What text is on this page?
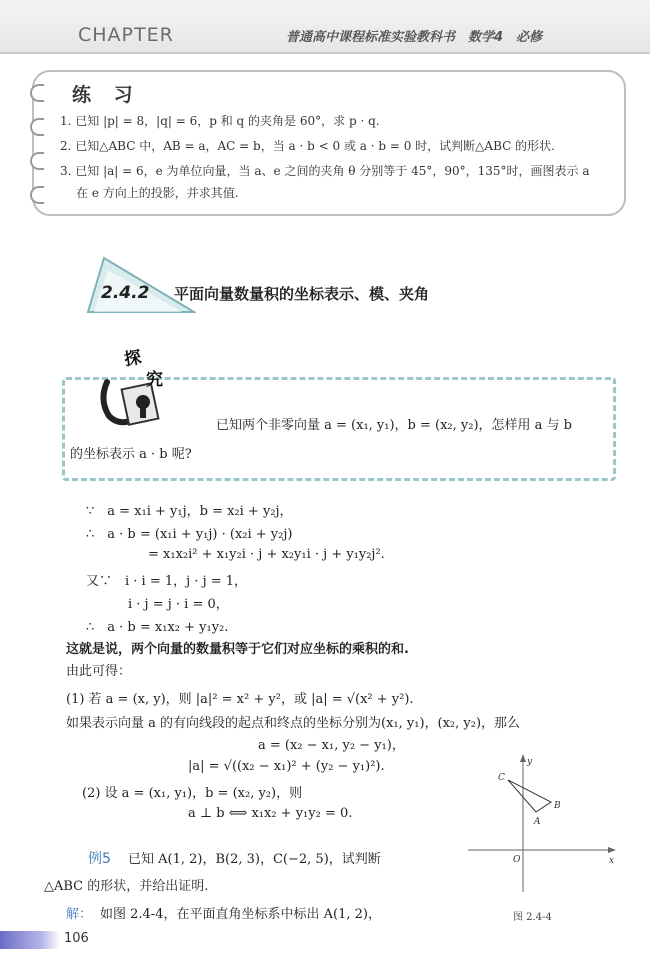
CHAPTER	普通高中课程标准实验教科书　数学4　必修
练 习
1. 已知 |p| = 8，|q| = 6，p 和 q 的夹角是 60°，求 p · q.
2. 已知△ABC 中，AB = a，AC = b，当 a · b < 0 或 a · b = 0 时，试判断△ABC 的形状.
3. 已知 |a| = 6，e 为单位向量，当 a、e 之间的夹角 θ 分别等于 45°，90°，135°时，画图表示 a
在 e 方向上的投影，并求其值.
2.4.2 平面向量数量积的坐标表示、模、夹角
探
究
已知两个非零向量 a = (x₁, y₁)，b = (x₂, y₂)，怎样用 a 与 b
的坐标表示 a · b 呢?
∵　a = x₁i + y₁j，b = x₂i + y₂j，
∴　a · b = (x₁i + y₁j) · (x₂i + y₂j)
= x₁x₂i² + x₁y₂i · j + x₂y₁i · j + y₁y₂j².
又∵　i · i = 1，j · j = 1，
i · j = j · i = 0，
∴　a · b = x₁x₂ + y₁y₂.
这就是说，两个向量的数量积等于它们对应坐标的乘积的和.
由此可得：
(1) 若 a = (x, y)，则 |a|² = x² + y²，或 |a| = √(x² + y²).
如果表示向量 a 的有向线段的起点和终点的坐标分别为(x₁, y₁)，(x₂, y₂)，那么
a = (x₂ − x₁, y₂ − y₁)，
|a| = √((x₂ − x₁)² + (y₂ − y₁)²).
(2) 设 a = (x₁, y₁)，b = (x₂, y₂)，则
a ⊥ b ⟺ x₁x₂ + y₁y₂ = 0.
例5 已知 A(1, 2)，B(2, 3)，C(−2, 5)，试判断
△ABC 的形状，并给出证明.
解： 如图 2.4-4，在平面直角坐标系中标出 A(1, 2)，
x
y
O
A
B
C
图 2.4-4
106
